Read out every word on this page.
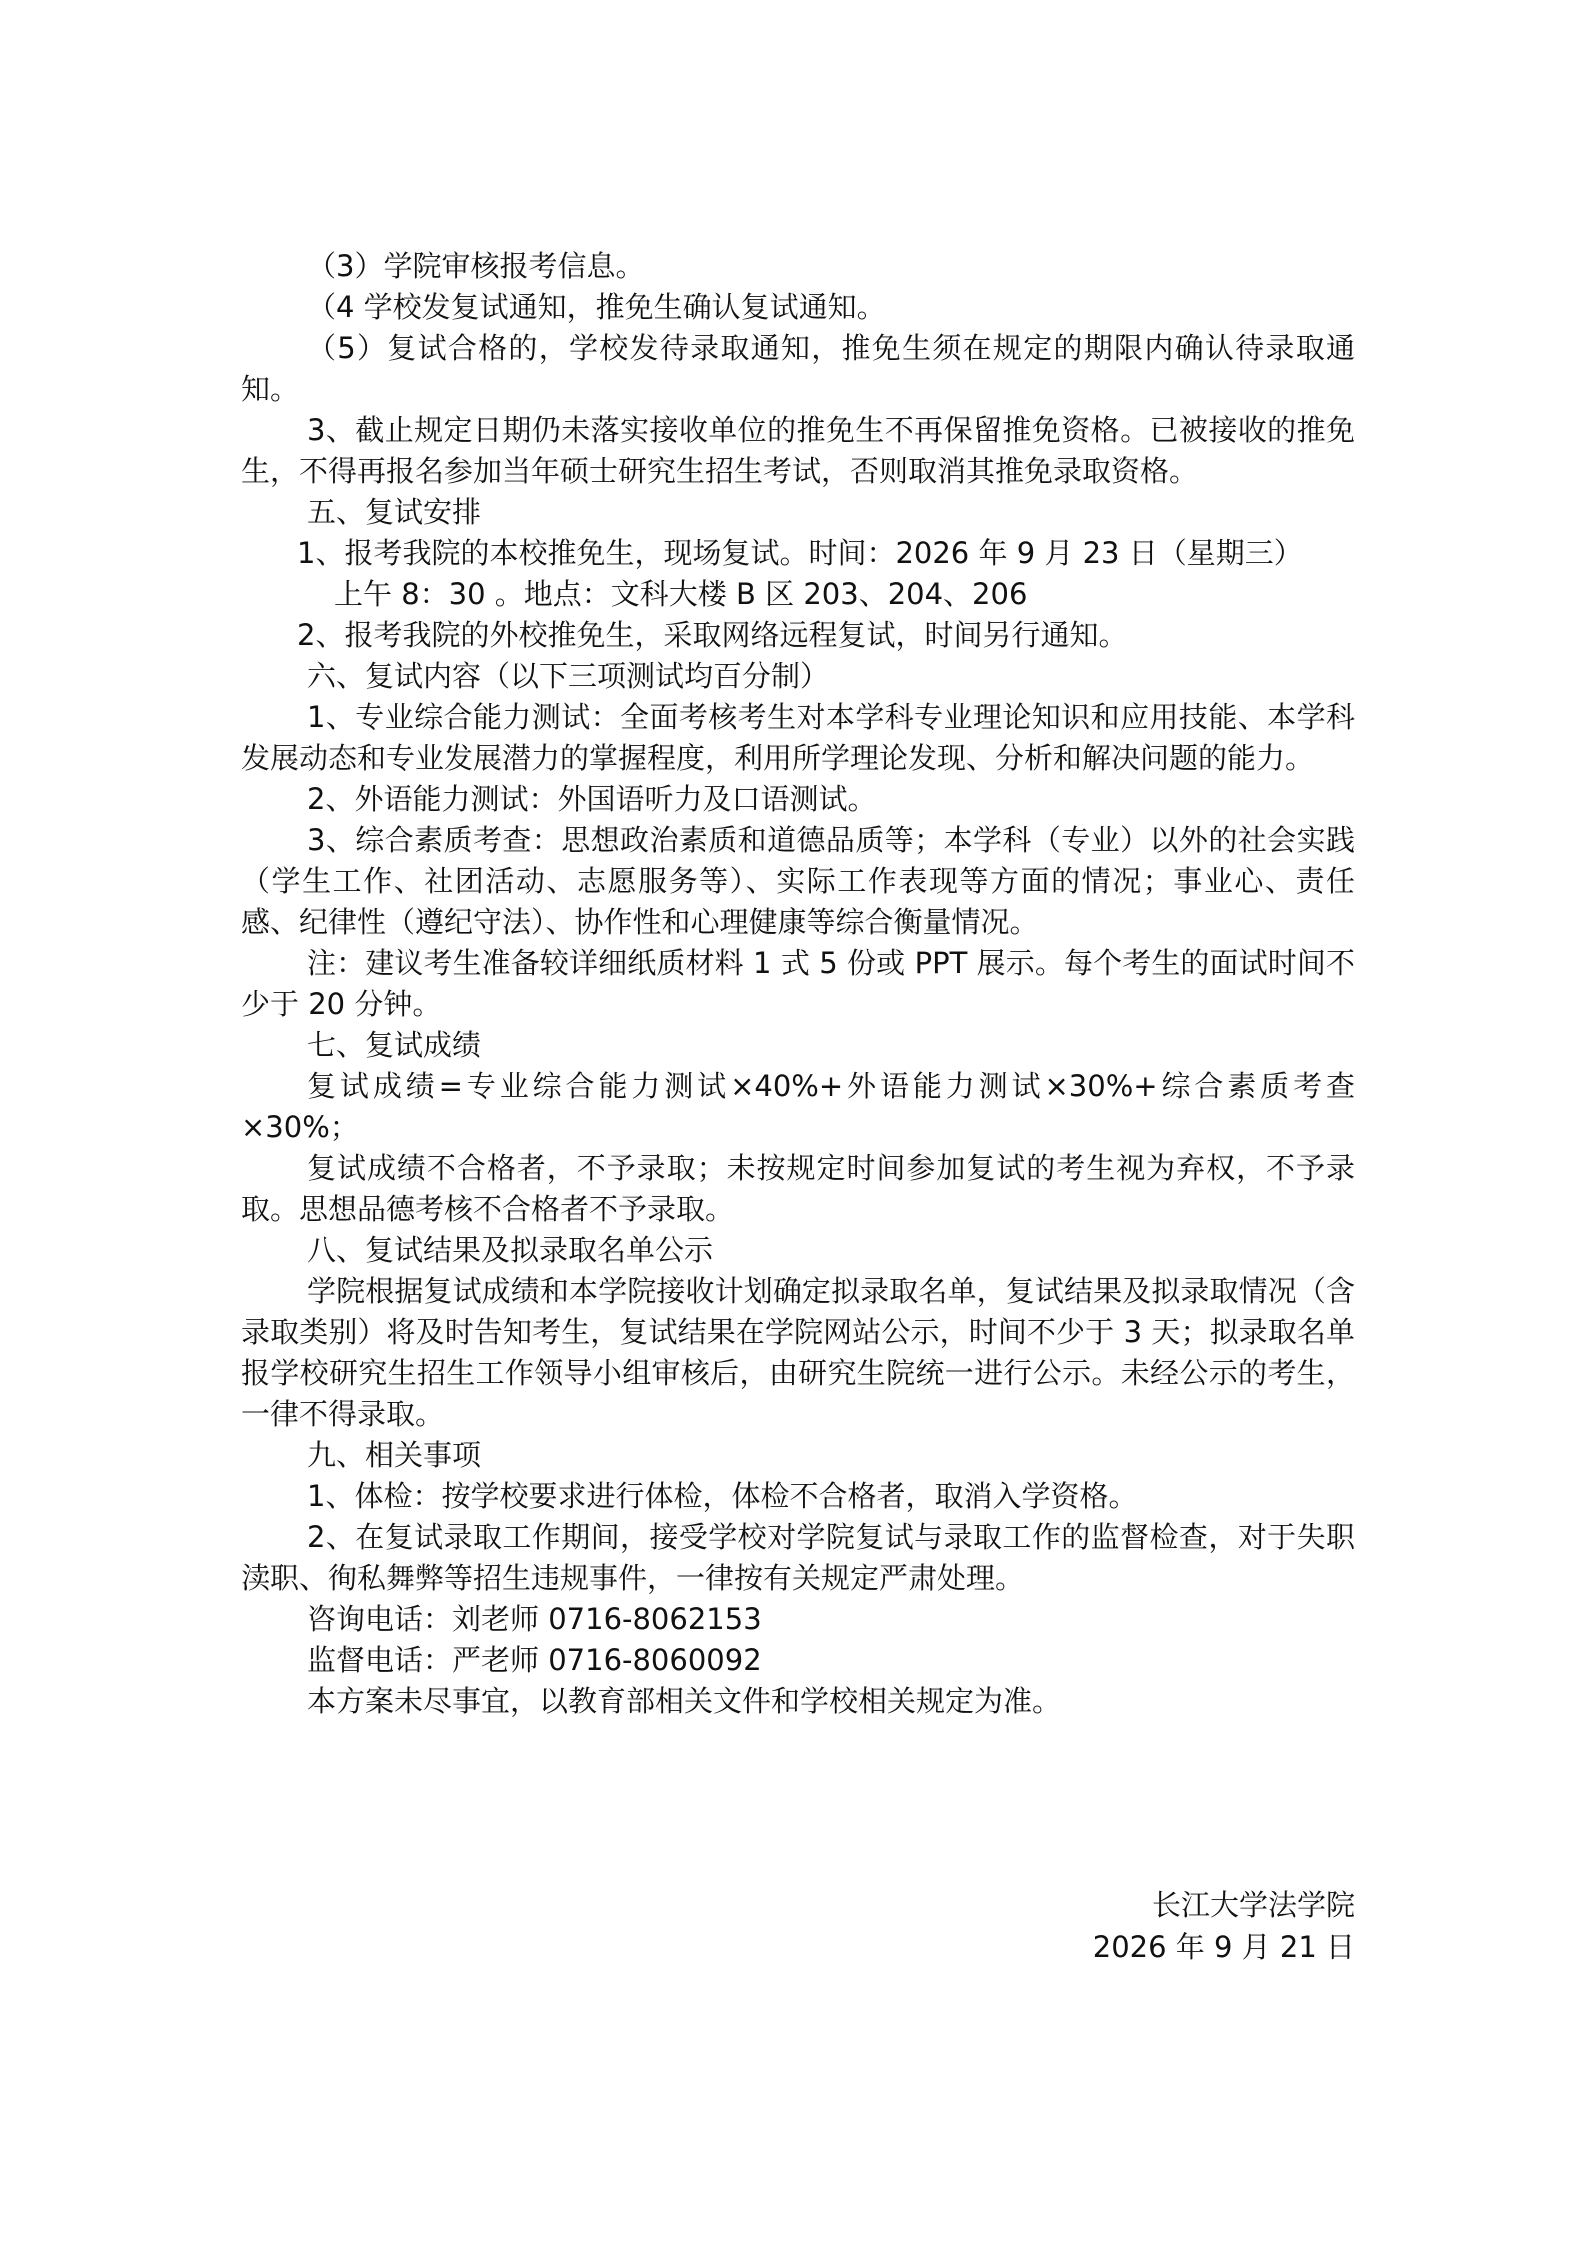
（3）学院审核报考信息。

（4 学校发复试通知，推免生确认复试通知。

（5）复试合格的，学校发待录取通知，推免生须在规定的期限内确认待录取通知。

3、截止规定日期仍未落实接收单位的推免生不再保留推免资格。已被接收的推免生，不得再报名参加当年硕士研究生招生考试，否则取消其推免录取资格。

五、复试安排

1、报考我院的本校推免生，现场复试。时间：2026 年 9 月 23 日（星期三）

上午 8：30 。地点：文科大楼 B 区 203、204、206

2、报考我院的外校推免生，采取网络远程复试，时间另行通知。

六、复试内容（以下三项测试均百分制）

1、专业综合能力测试：全面考核考生对本学科专业理论知识和应用技能、本学科发展动态和专业发展潜力的掌握程度，利用所学理论发现、分析和解决问题的能力。

2、外语能力测试：外国语听力及口语测试。

3、综合素质考查：思想政治素质和道德品质等；本学科（专业）以外的社会实践（学生工作、社团活动、志愿服务等）、实际工作表现等方面的情况；事业心、责任感、纪律性（遵纪守法）、协作性和心理健康等综合衡量情况。

注：建议考生准备较详细纸质材料 1 式 5 份或 PPT 展示。每个考生的面试时间不少于 20 分钟。

七、复试成绩

复试成绩=专业综合能力测试×40%+外语能力测试×30%+综合素质考查×30%；

复试成绩不合格者，不予录取；未按规定时间参加复试的考生视为弃权，不予录取。思想品德考核不合格者不予录取。

八、复试结果及拟录取名单公示

学院根据复试成绩和本学院接收计划确定拟录取名单，复试结果及拟录取情况（含录取类别）将及时告知考生，复试结果在学院网站公示，时间不少于 3 天；拟录取名单报学校研究生招生工作领导小组审核后，由研究生院统一进行公示。未经公示的考生，一律不得录取。

九、相关事项

1、体检：按学校要求进行体检，体检不合格者，取消入学资格。

2、在复试录取工作期间，接受学校对学院复试与录取工作的监督检查，对于失职渎职、徇私舞弊等招生违规事件，一律按有关规定严肃处理。

咨询电话：刘老师 0716-8062153

监督电话：严老师 0716-8060092

本方案未尽事宜，以教育部相关文件和学校相关规定为准。

长江大学法学院
2026 年 9 月 21 日
